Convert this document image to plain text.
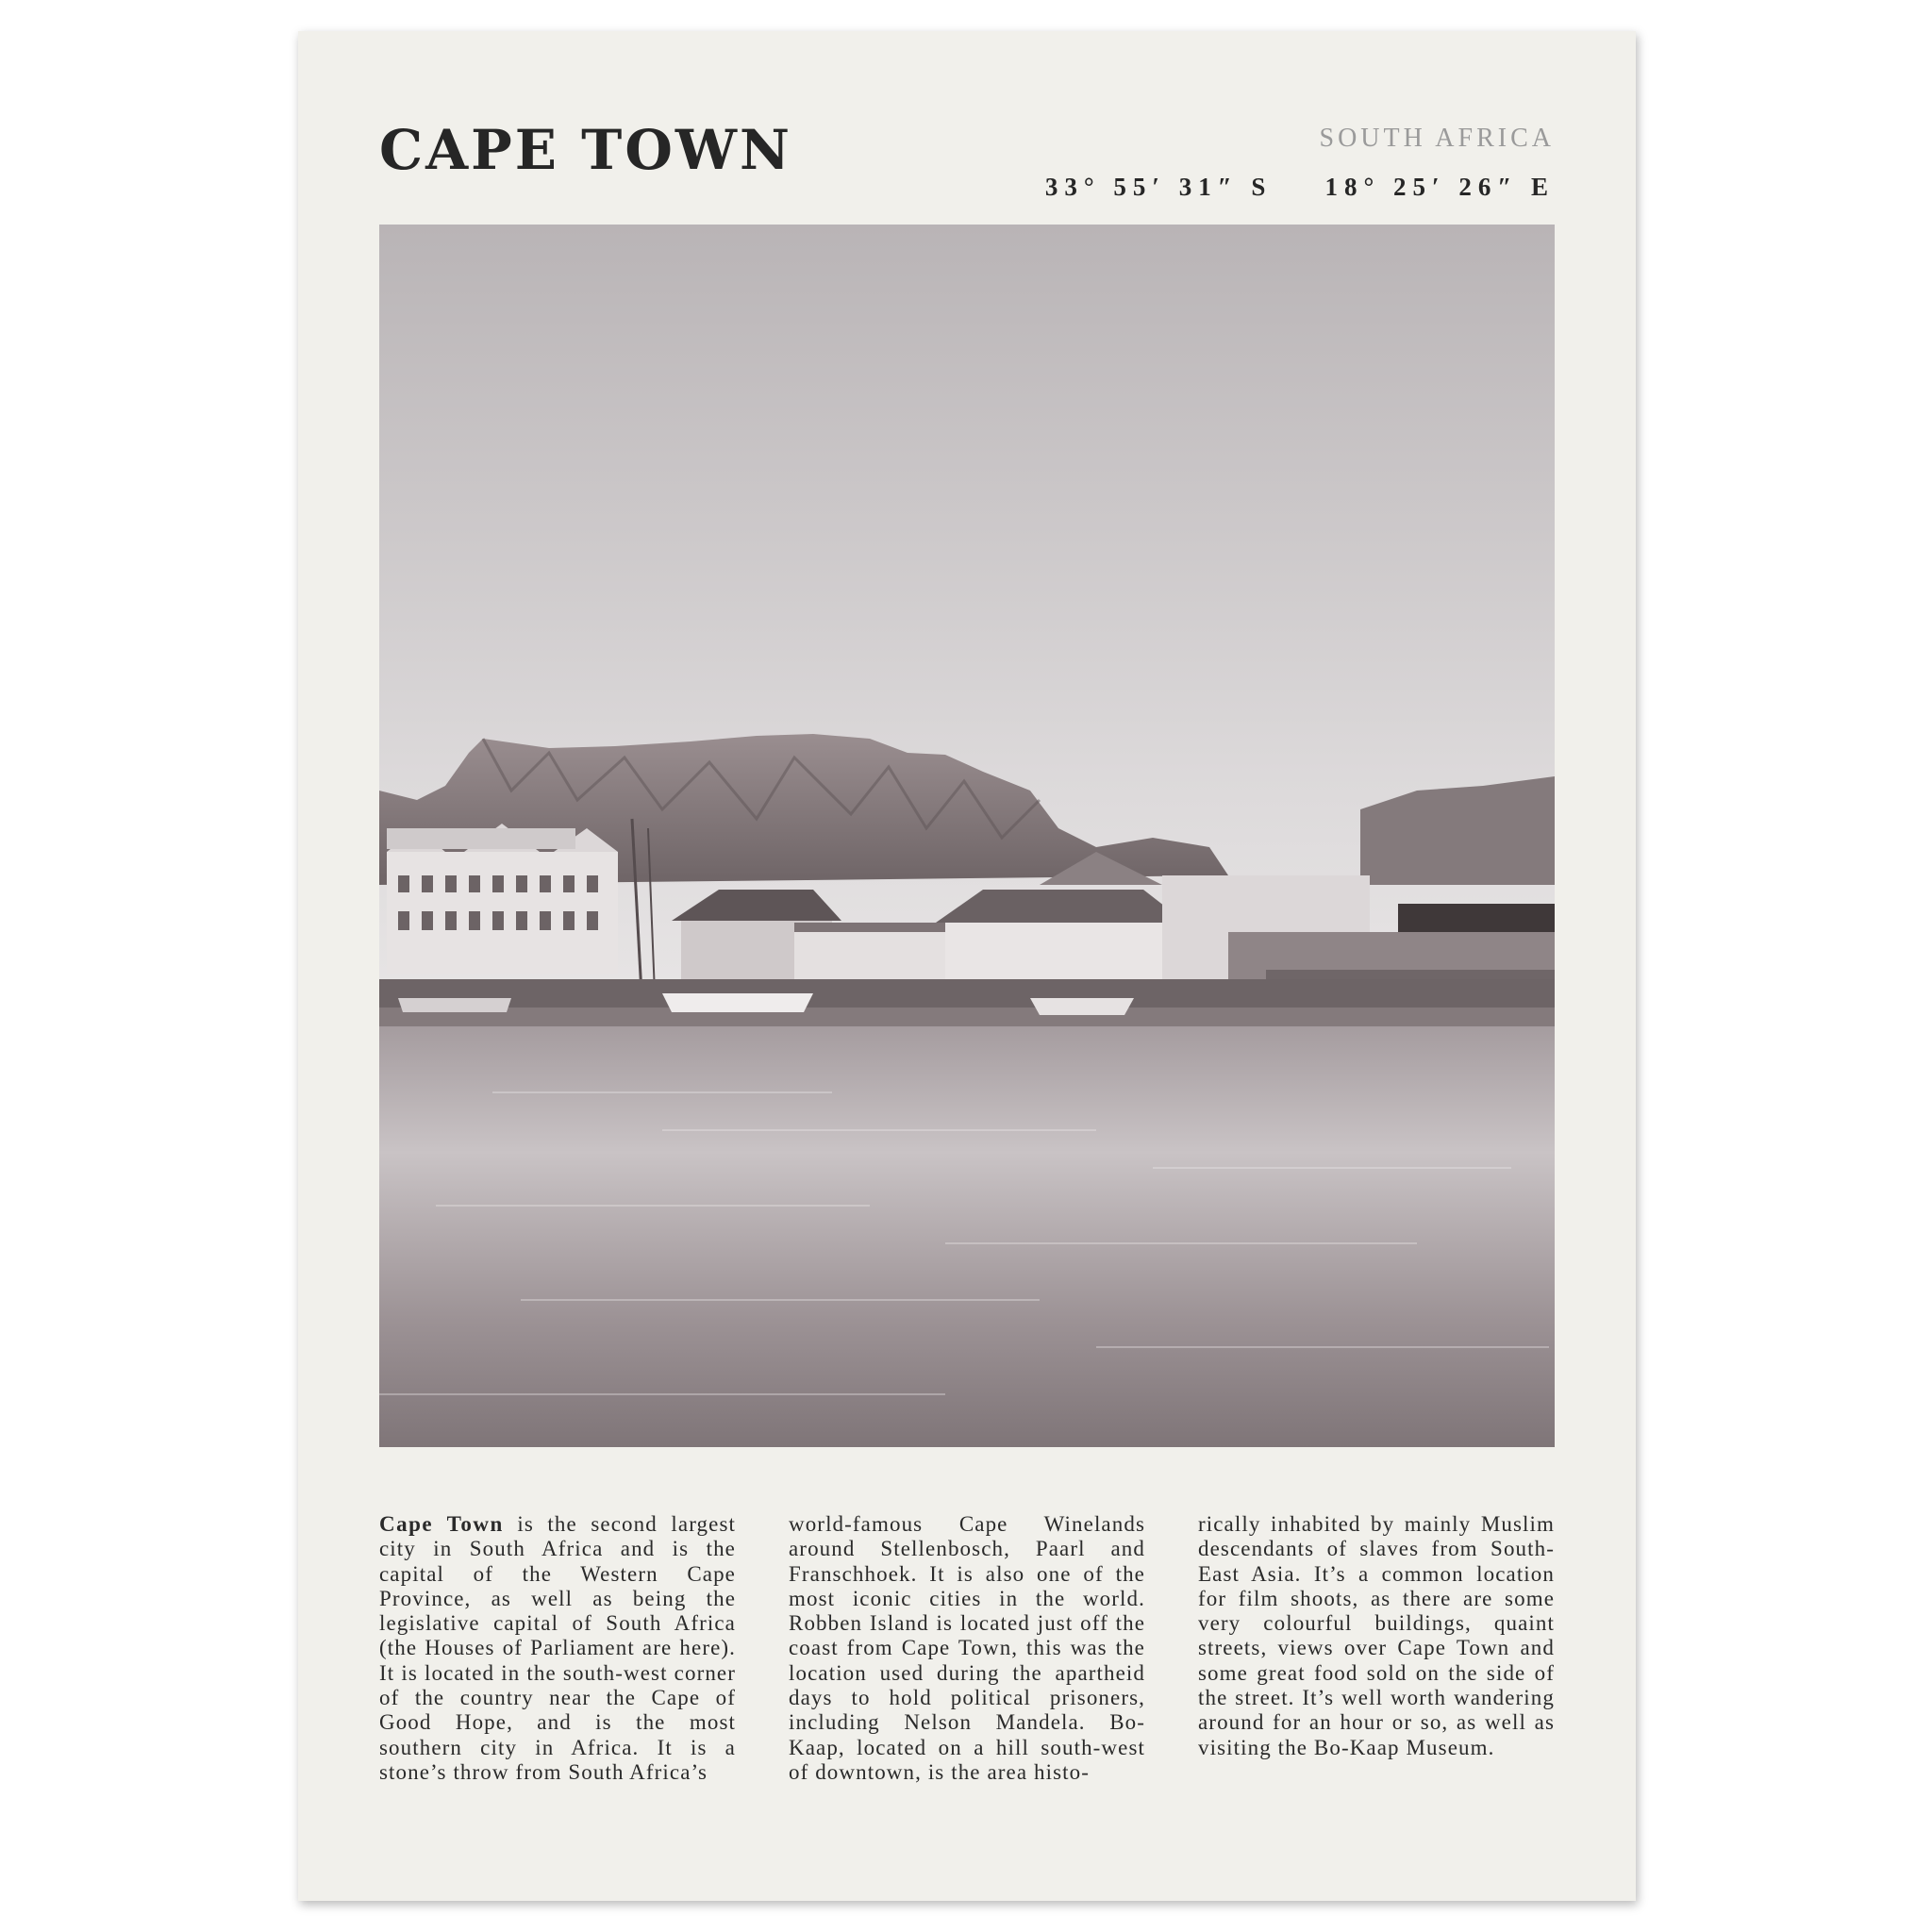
CAPE TOWN	SOUTH AFRICA
33° 55′ 31″ S 18° 25′ 26″ E

Cape Town is the second largest city in South Africa and is the capital of the Western Cape Province, as well as being the legislative capital of South Africa (the Houses of Parliament are here). It is located in the south-west corner of the country near the Cape of Good Hope, and is the most southern city in Africa. It is a stone’s throw from South Africa’s

world-famous Cape Winelands around Stellenbosch, Paarl and Franschhoek. It is also one of the most iconic cities in the world. Robben Island is located just off the coast from Cape Town, this was the location used during the apartheid days to hold political prisoners, including Nelson Mandela. Bo-Kaap, located on a hill south-west of downtown, is the area histo-

rically inhabited by mainly Muslim descendants of slaves from South-East Asia. It’s a common location for film shoots, as there are some very colourful buildings, quaint streets, views over Cape Town and some great food sold on the side of the street. It’s well worth wandering around for an hour or so, as well as visiting the Bo-Kaap Museum.
